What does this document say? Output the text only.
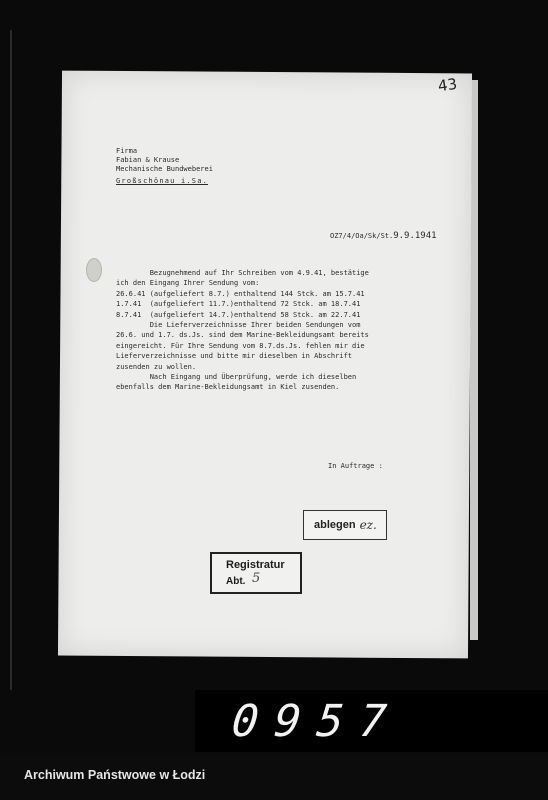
43
Firma
Fabian & Krause
Mechanische Bundweberei
Großschönau i.Sa.
OZ7/4/Oa/Sk/St.9.9.1941
Bezugnehmend auf Ihr Schreiben vom 4.9.41, bestätige
ich den Eingang Ihrer Sendung vom:
26.6.41 (aufgeliefert 8.7.) enthaltend 144 Stck. am 15.7.41
1.7.41  (aufgeliefert 11.7.)enthaltend 72 Stck. am 18.7.41
8.7.41  (aufgeliefert 14.7.)enthaltend 58 Stck. am 22.7.41
Die Lieferverzeichnisse Ihrer beiden Sendungen vom
26.6. und 1.7. ds.Js. sind dem Marine-Bekleidungsamt bereits
eingereicht. Für Ihre Sendung vom 8.7.ds.Js. fehlen mir die
Lieferverzeichnisse und bitte mir dieselben in Abschrift
zusenden zu wollen.
Nach Eingang und Überprüfung, werde ich dieselben
ebenfalls dem Marine-Bekleidungsamt in Kiel zusenden.
In Auftrage :
ablegen ez.
Registratur
Abt. 5
0957
Archiwum Państwowe w Łodzi
